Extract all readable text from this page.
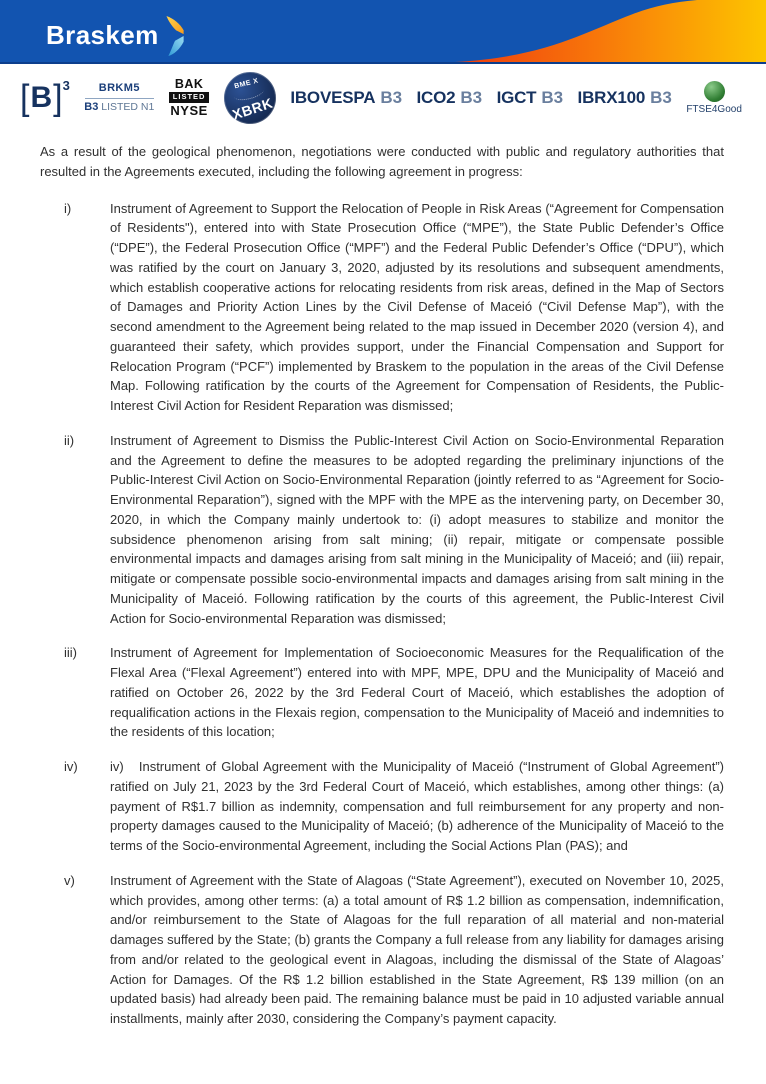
Braskem
[ B ]$^3$	BRKM5
B3 LISTED N1
BAK
LISTED
NYSE
BME X
XBRK IBOVESPA B3 ICO2 B3 IGCT B3 IBRX100 B3
FTSE4Good

As a result of the geological phenomenon, negotiations were conducted with public and regulatory authorities that resulted in the Agreements executed, including the following agreement in progress:

i)	Instrument of Agreement to Support the Relocation of People in Risk Areas (“Agreement for Compensation of Residents"), entered into with State Prosecution Office (“MPE”), the State Public Defender’s Office (“DPE”), the Federal Prosecution Office (“MPF”) and the Federal Public Defender’s Office (“DPU”), which was ratified by the court on January 3, 2020, adjusted by its resolutions and subsequent amendments, which establish cooperative actions for relocating residents from risk areas, defined in the Map of Sectors of Damages and Priority Action Lines by the Civil Defense of Maceió (“Civil Defense Map”), with the second amendment to the Agreement being related to the map issued in December 2020 (version 4), and guaranteed their safety, which provides support, under the Financial Compensation and Support for Relocation Program (“PCF”) implemented by Braskem to the population in the areas of the Civil Defense Map. Following ratification by the courts of the Agreement for Compensation of Residents, the Public-Interest Civil Action for Resident Reparation was dismissed;
ii)	Instrument of Agreement to Dismiss the Public-Interest Civil Action on Socio-Environmental Reparation and the Agreement to define the measures to be adopted regarding the preliminary injunctions of the Public-Interest Civil Action on Socio-Environmental Reparation (jointly referred to as “Agreement for Socio-Environmental Reparation”), signed with the MPF with the MPE as the intervening party, on December 30, 2020, in which the Company mainly undertook to: (i) adopt measures to stabilize and monitor the subsidence phenomenon arising from salt mining; (ii) repair, mitigate or compensate possible environmental impacts and damages arising from salt mining in the Municipality of Maceió; and (iii) repair, mitigate or compensate possible socio-environmental impacts and damages arising from salt mining in the Municipality of Maceió. Following ratification by the courts of this agreement, the Public-Interest Civil Action for Socio-environmental Reparation was dismissed;
iii)	Instrument of Agreement for Implementation of Socioeconomic Measures for the Requalification of the Flexal Area (“Flexal Agreement”) entered into with MPF, MPE, DPU and the Municipality of Maceió and ratified on October 26, 2022 by the 3rd Federal Court of Maceió, which establishes the adoption of requalification actions in the Flexais region, compensation to the Municipality of Maceió and indemnities to the residents of this location;
iv)	iv)   Instrument of Global Agreement with the Municipality of Maceió (“Instrument of Global Agreement”) ratified on July 21, 2023 by the 3rd Federal Court of Maceió, which establishes, among other things: (a) payment of R$1.7 billion as indemnity, compensation and full reimbursement for any property and non-property damages caused to the Municipality of Maceió; (b) adherence of the Municipality of Maceió to the terms of the Socio-environmental Agreement, including the Social Actions Plan (PAS); and
v)	Instrument of Agreement with the State of Alagoas (“State Agreement”), executed on November 10, 2025, which provides, among other terms: (a) a total amount of R$ 1.2 billion as compensation, indemnification, and/or reimbursement to the State of Alagoas for the full reparation of all material and non-material damages suffered by the State; (b) grants the Company a full release from any liability for damages arising from and/or related to the geological event in Alagoas, including the dismissal of the State of Alagoas’ Action for Damages. Of the R$ 1.2 billion established in the State Agreement, R$ 139 million (on an updated basis) had already been paid. The remaining balance must be paid in 10 adjusted variable annual installments, mainly after 2030, considering the Company’s payment capacity.
